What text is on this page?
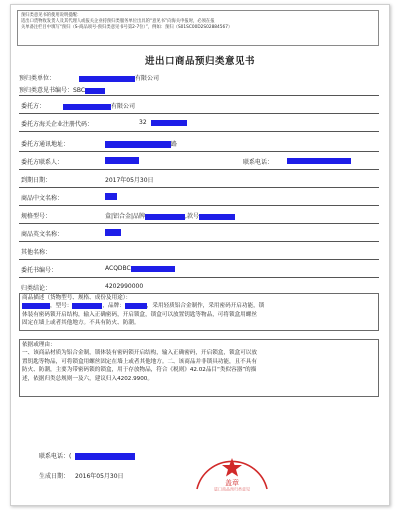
预归类意见书的使用说明提醒：
适出口货物收发货人及其代理人或报关企业持预归类服务单位出具的“意见书”向海关申报时，必须在报
关单备注栏目中填写“预归（S-商品项号-预归类意见书号第2-7位）”，例如：预归（S01SC00D2S02884567）
进出口商品预归类意见书
预归类单位：	有限公司
预归类意见书编号：SBC
委托方：	有限公司
委托方海关企业注册代码：	32
委托方通讯地址：	路
委托方联系人：	联系电话：
到期日期：	2017年05月30日
商品中文名称：
规格型号：	盒|铝合金|品牌	,款号
商品英文名称：
其他名称：
委托书编号：	ACQDBC
归类结论：	4202990000
商品描述（货物型号、规格、成份及用途）：
，型号：	，品牌：	，采用轻质铝合金制作，采用密码开启功能，锁
体装有密码锁开启结构，输入正确密码，开启锁盒，锁盒可以放置钥匙等物品，可将锁盒用螺丝
固定在墙上或者其他地方。不具有防火、防潮。
依据或理由：
一、该商品材质为铝合金制，锁体装有密码锁开启结构，输入正确密码，开启锁盒，锁盒可以放
置钥匙等物品，可将锁盒用螺丝固定在墙上或者其他地方。二、该商品并非锁具功能，且不具有
防火、防潮，主要为带密码锁的锁盒，用于存放物品，符合《税则》42.02品目“类似容器”的描
述，依据归类总规则一及六，建议归入4202.9900。
联系电话：(
生成日期： 2016年05月30日
盖章
进口商品预归类意见
